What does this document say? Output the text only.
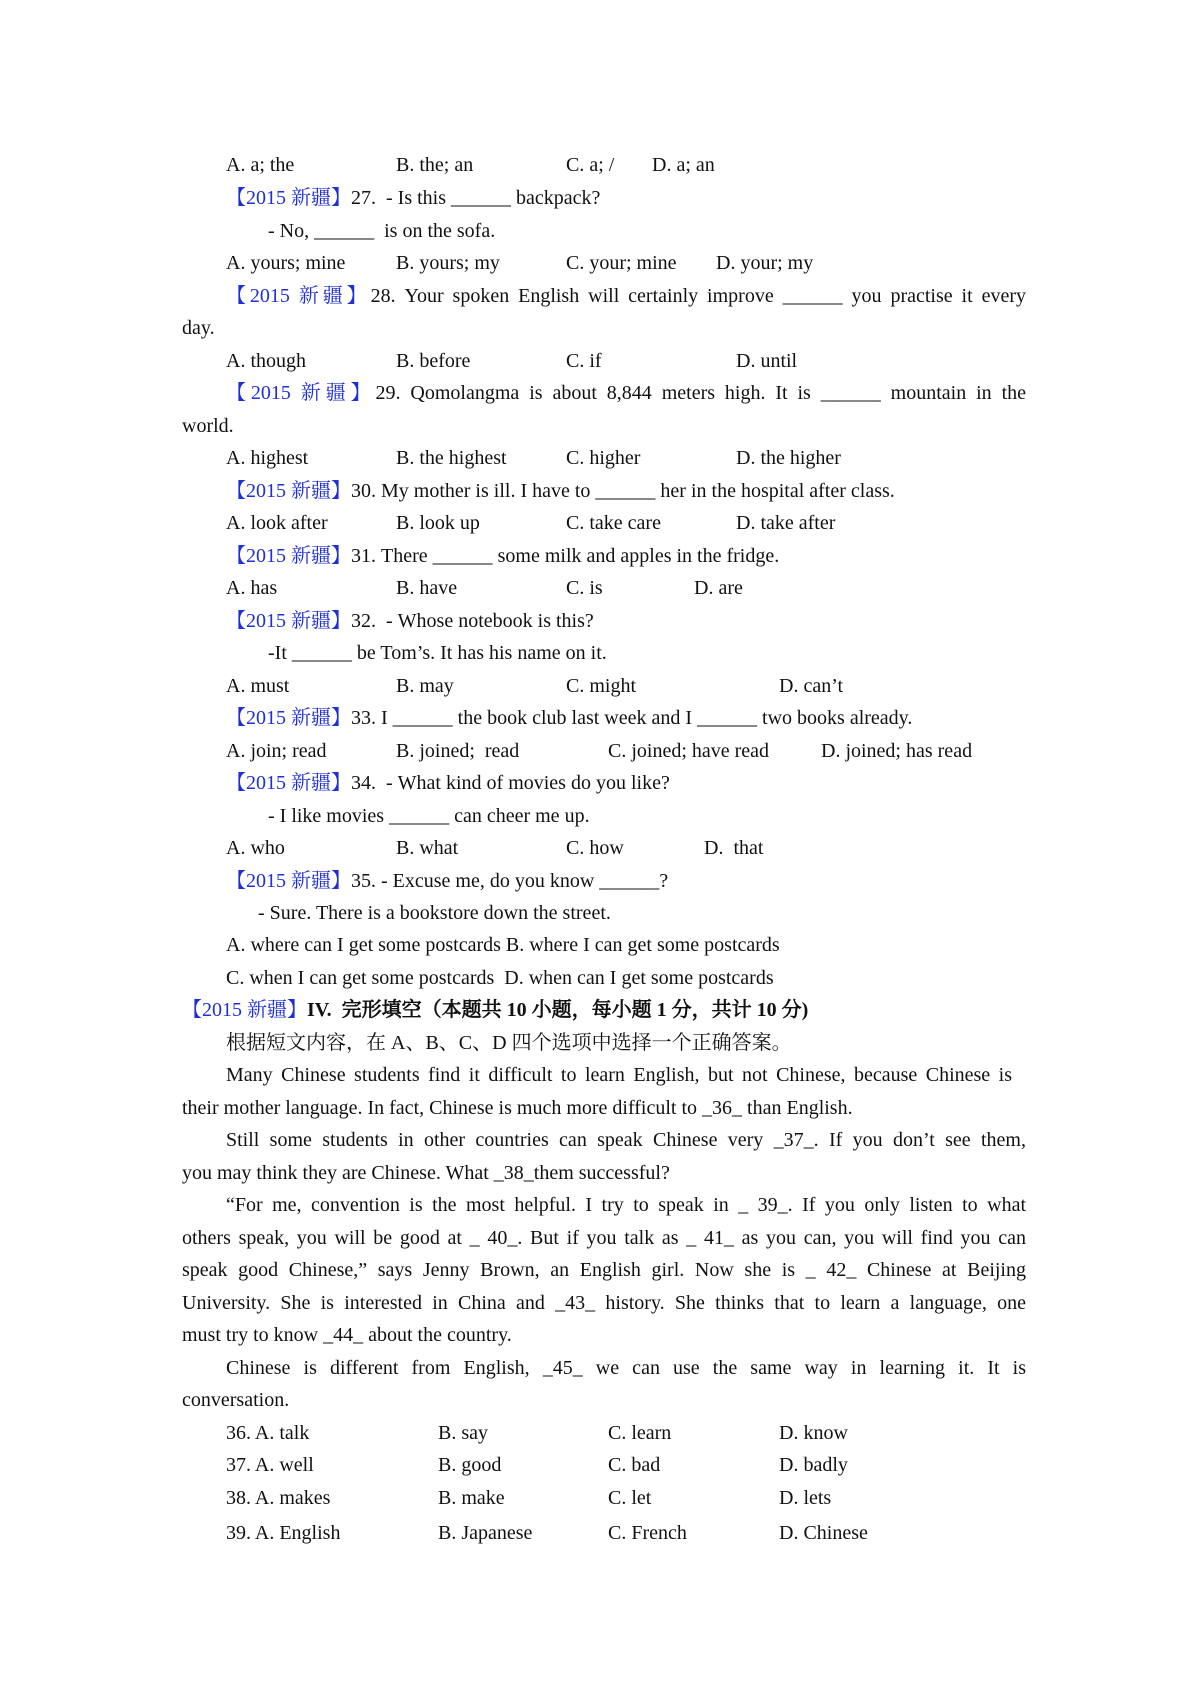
A. a; the	B. the; an	C. a; / D. a; an
【2015 新疆】27.  - Is this ______ backpack?
- No, ______  is on the sofa.
A. yours; mine	B. yours; my	C. your; mine D. your; my
【2015 新疆】28. Your spoken English will certainly improve ______ you practise it every
day.
A. though	B. before	C. if	D. until
【2015 新疆】29. Qomolangma is about 8,844 meters high. It is ______ mountain in the
world.
A. highest	B. the highest	C. higher	D. the higher
【2015 新疆】30. My mother is ill. I have to ______ her in the hospital after class.
A. look after	B. look up	C. take care	D. take after
【2015 新疆】31. There ______ some milk and apples in the fridge.
A. has	B. have	C. is	D. are
【2015 新疆】32.  - Whose notebook is this?
-It ______ be Tom’s. It has his name on it.
A. must	B. may	C. might	D. can’t
【2015 新疆】33. I ______ the book club last week and I ______ two books already.
A. join; read	B. joined;  read	C. joined; have read	D. joined; has read
【2015 新疆】34.  - What kind of movies do you like?
- I like movies ______ can cheer me up.
A. who	B. what	C. how	D.  that
【2015 新疆】35. - Excuse me, do you know ______?
- Sure. There is a bookstore down the street.
A. where can I get some postcards B. where I can get some postcards
C. when I can get some postcards  D. when can I get some postcards
【2015 新疆】IV.  完形填空（本题共 10 小题，每小题 1 分，共计 10 分)
根据短文内容，在 A、B、C、D 四个选项中选择一个正确答案。
Many Chinese students find it difficult to learn English, but not Chinese, because Chinese is
their mother language. In fact, Chinese is much more difficult to _36_ than English.
Still some students in other countries can speak Chinese very _37_. If you don’t see them,
you may think they are Chinese. What _38_them successful?
“For me, convention is the most helpful. I try to speak in _ 39_. If you only listen to what
others speak, you will be good at _ 40_. But if you talk as _ 41_ as you can, you will find you can
speak good Chinese,” says Jenny Brown, an English girl. Now she is _ 42_ Chinese at Beijing
University. She is interested in China and _43_ history. She thinks that to learn a language, one
must try to know _44_ about the country.
Chinese is different from English, _45_ we can use the same way in learning it. It is
conversation.
36. A. talk	B. say	C. learn	D. know
37. A. well	B. good	C. bad	D. badly
38. A. makes	B. make	C. let	D. lets
39. A. English	B. Japanese	C. French	D. Chinese
